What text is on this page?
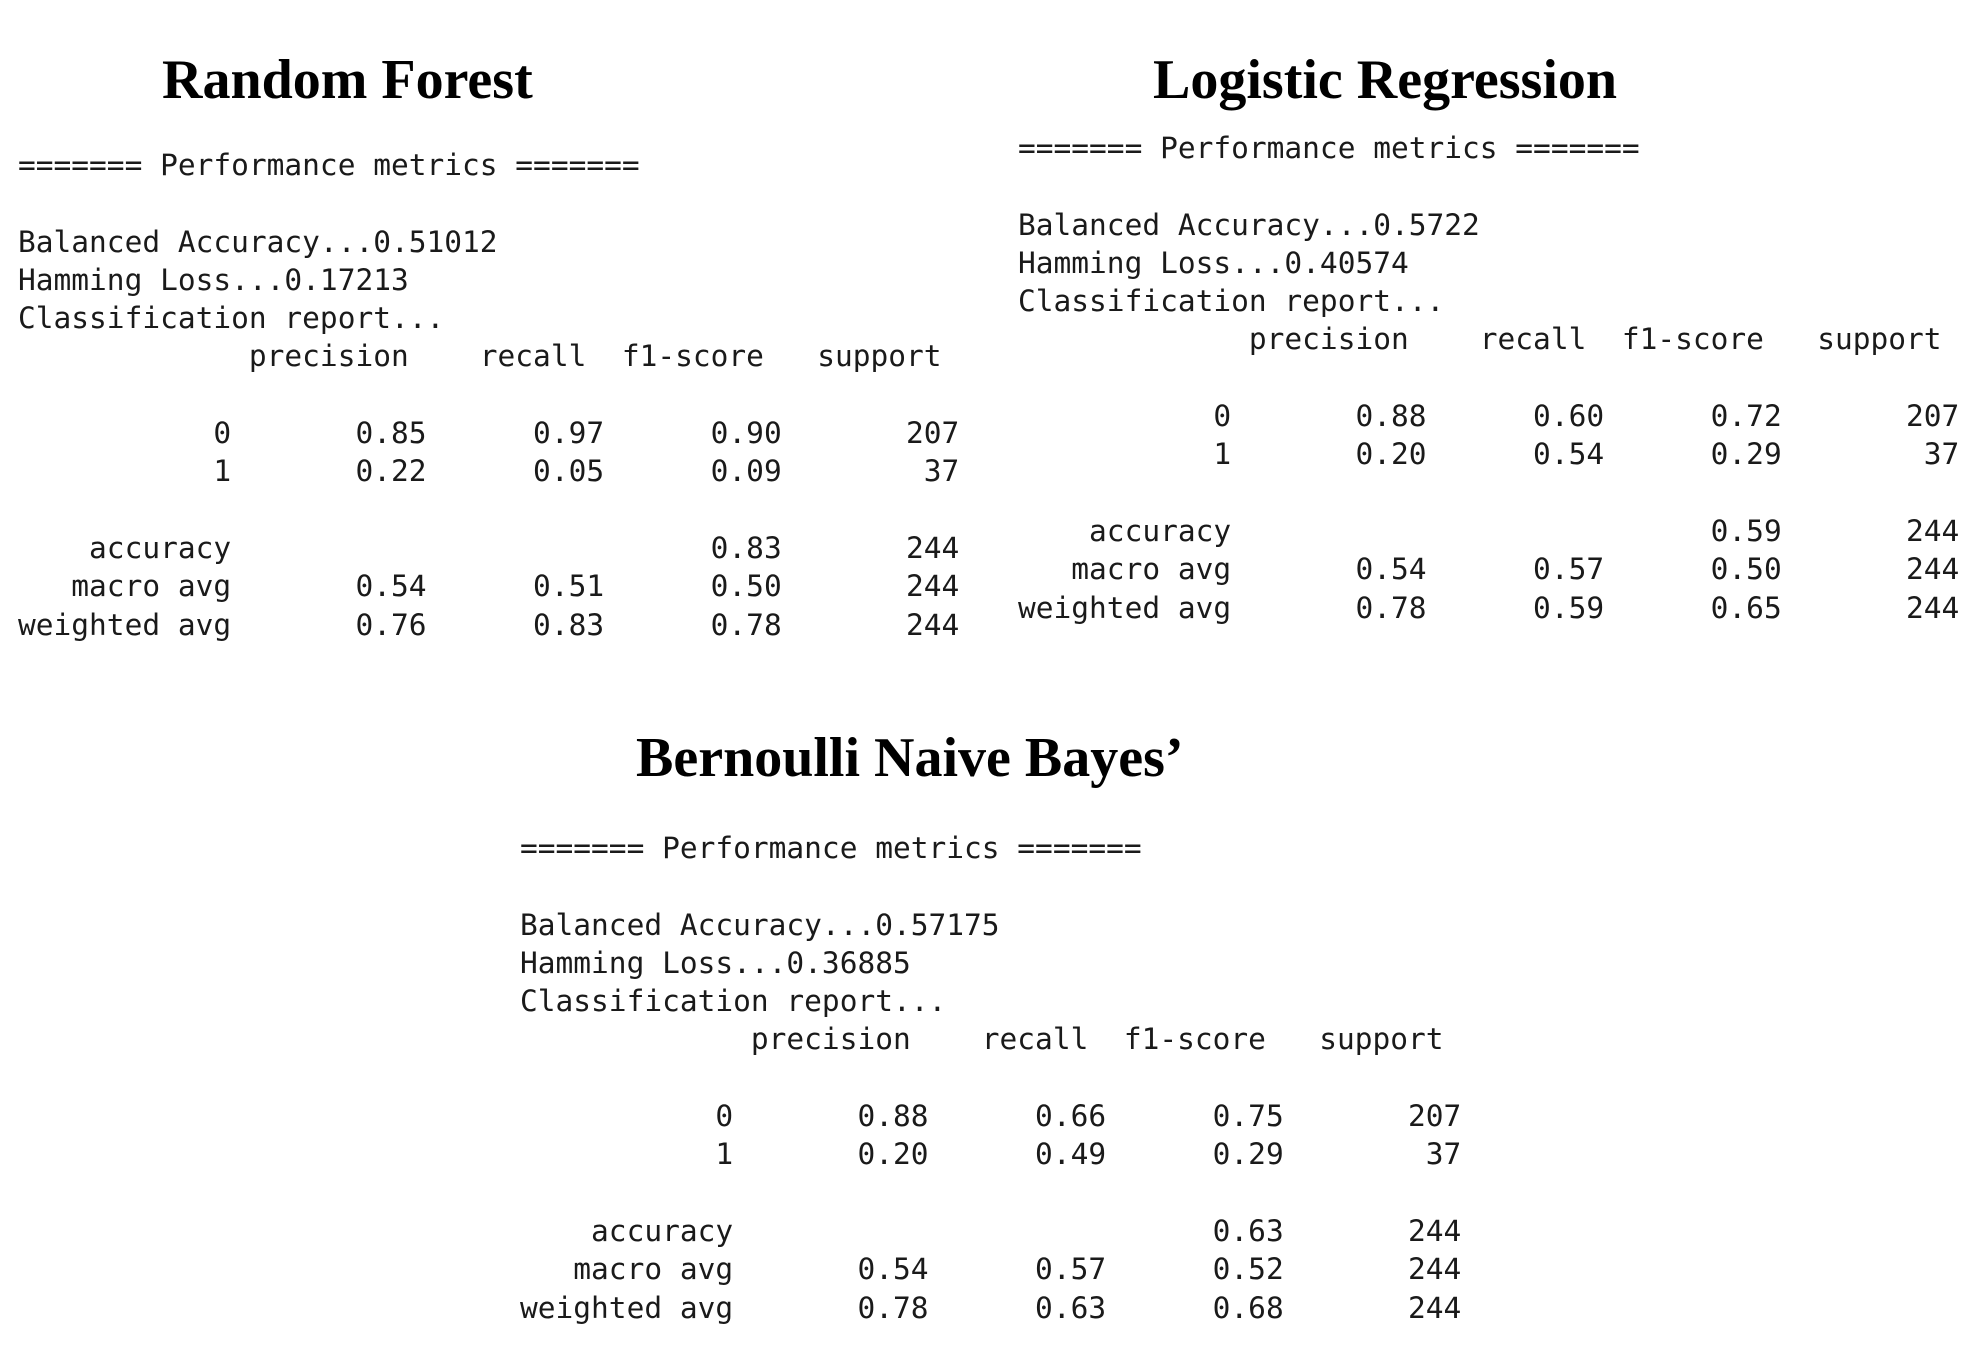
Random Forest
======= Performance metrics =======

Balanced Accuracy...0.51012
Hamming Loss...0.17213
Classification report...
precision    recall  f1-score   support

0       0.85      0.97      0.90       207
1       0.22      0.05      0.09        37

accuracy                           0.83       244
macro avg       0.54      0.51      0.50       244
weighted avg       0.76      0.83      0.78       244
Logistic Regression
======= Performance metrics =======

Balanced Accuracy...0.5722
Hamming Loss...0.40574
Classification report...
precision    recall  f1-score   support

0       0.88      0.60      0.72       207
1       0.20      0.54      0.29        37

accuracy                           0.59       244
macro avg       0.54      0.57      0.50       244
weighted avg       0.78      0.59      0.65       244
Bernoulli Naive Bayes’
======= Performance metrics =======

Balanced Accuracy...0.57175
Hamming Loss...0.36885
Classification report...
precision    recall  f1-score   support

0       0.88      0.66      0.75       207
1       0.20      0.49      0.29        37

accuracy                           0.63       244
macro avg       0.54      0.57      0.52       244
weighted avg       0.78      0.63      0.68       244
